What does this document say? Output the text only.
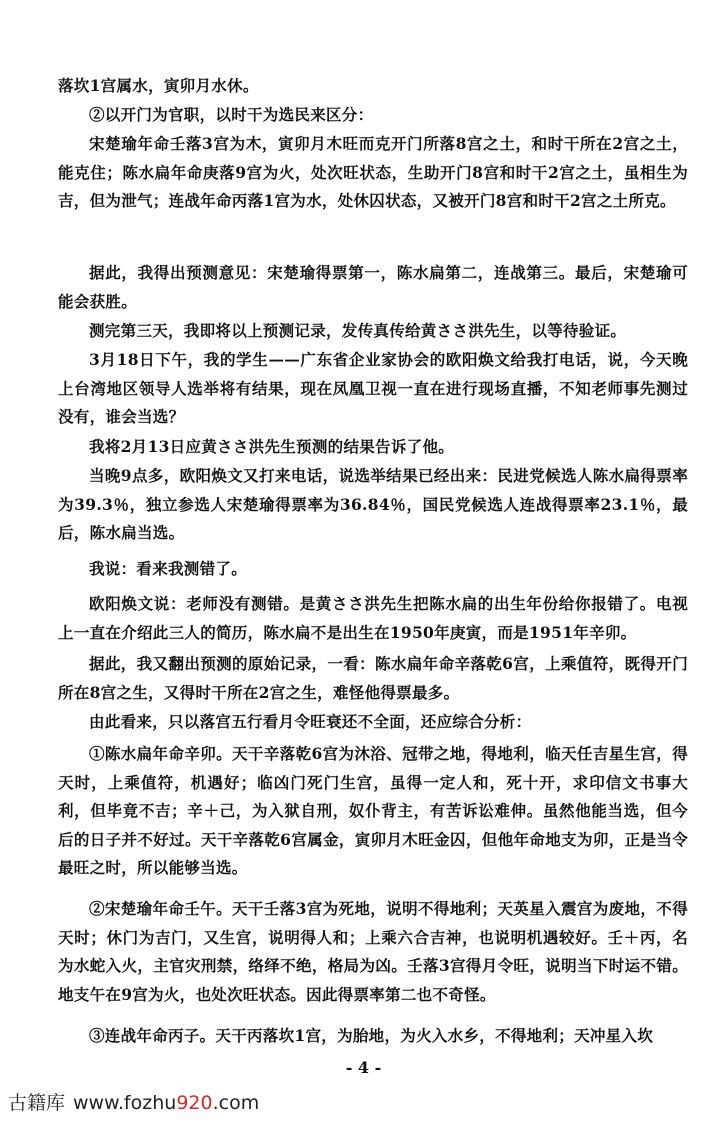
落坎1宫属水，寅卯月水休。

②以开门为官职，以时干为选民来区分：

宋楚瑜年命壬落3宫为木，寅卯月木旺而克开门所落8宫之土，和时干所在2宫之土，能克住；陈水扁年命庚落9宫为火，处次旺状态，生助开门8宫和时干2宫之土，虽相生为吉，但为泄气；连战年命丙落1宫为水，处休囚状态，又被开门8宫和时干2宫之土所克。

据此，我得出预测意见：宋楚瑜得票第一，陈水扁第二，连战第三。最后，宋楚瑜可能会获胜。

测完第三天，我即将以上预测记录，发传真传给黄ささ洪先生，以等待验证。

3月18日下午，我的学生——广东省企业家协会的欧阳焕文给我打电话，说，今天晚上台湾地区领导人选举将有结果，现在凤凰卫视一直在进行现场直播，不知老师事先测过没有，谁会当选？

我将2月13日应黄ささ洪先生预测的结果告诉了他。

当晚9点多，欧阳焕文又打来电话，说选举结果已经出来：民进党候选人陈水扁得票率为39.3％，独立参选人宋楚瑜得票率为36.84％，国民党候选人连战得票率23.1％，最后，陈水扁当选。

我说：看来我测错了。

欧阳焕文说：老师没有测错。是黄ささ洪先生把陈水扁的出生年份给你报错了。电视上一直在介绍此三人的简历，陈水扁不是出生在1950年庚寅，而是1951年辛卯。

据此，我又翻出预测的原始记录，一看：陈水扁年命辛落乾6宫，上乘值符，既得开门所在8宫之生，又得时干所在2宫之生，难怪他得票最多。

由此看来，只以落宫五行看月令旺衰还不全面，还应综合分析：

①陈水扁年命辛卯。天干辛落乾6宫为沐浴、冠带之地，得地利，临天任吉星生宫，得天时，上乘值符，机遇好；临凶门死门生宫，虽得一定人和，死十开，求印信文书事大利，但毕竟不吉；辛＋己，为入狱自刑，奴仆背主，有苦诉讼难伸。虽然他能当选，但今后的日子并不好过。天干辛落乾6宫属金，寅卯月木旺金囚，但他年命地支为卯，正是当令最旺之时，所以能够当选。

②宋楚瑜年命壬午。天干壬落3宫为死地，说明不得地利；天英星入震宫为废地，不得天时；休门为吉门，又生宫，说明得人和；上乘六合吉神，也说明机遇较好。壬＋丙，名为水蛇入火，主官灾刑禁，络绎不绝，格局为凶。壬落3宫得月令旺，说明当下时运不错。地支午在9宫为火，也处次旺状态。因此得票率第二也不奇怪。

③连战年命丙子。天干丙落坎1宫，为胎地，为火入水乡，不得地利；天冲星入坎

- 4 -
古籍库 www.fozhu920.com
